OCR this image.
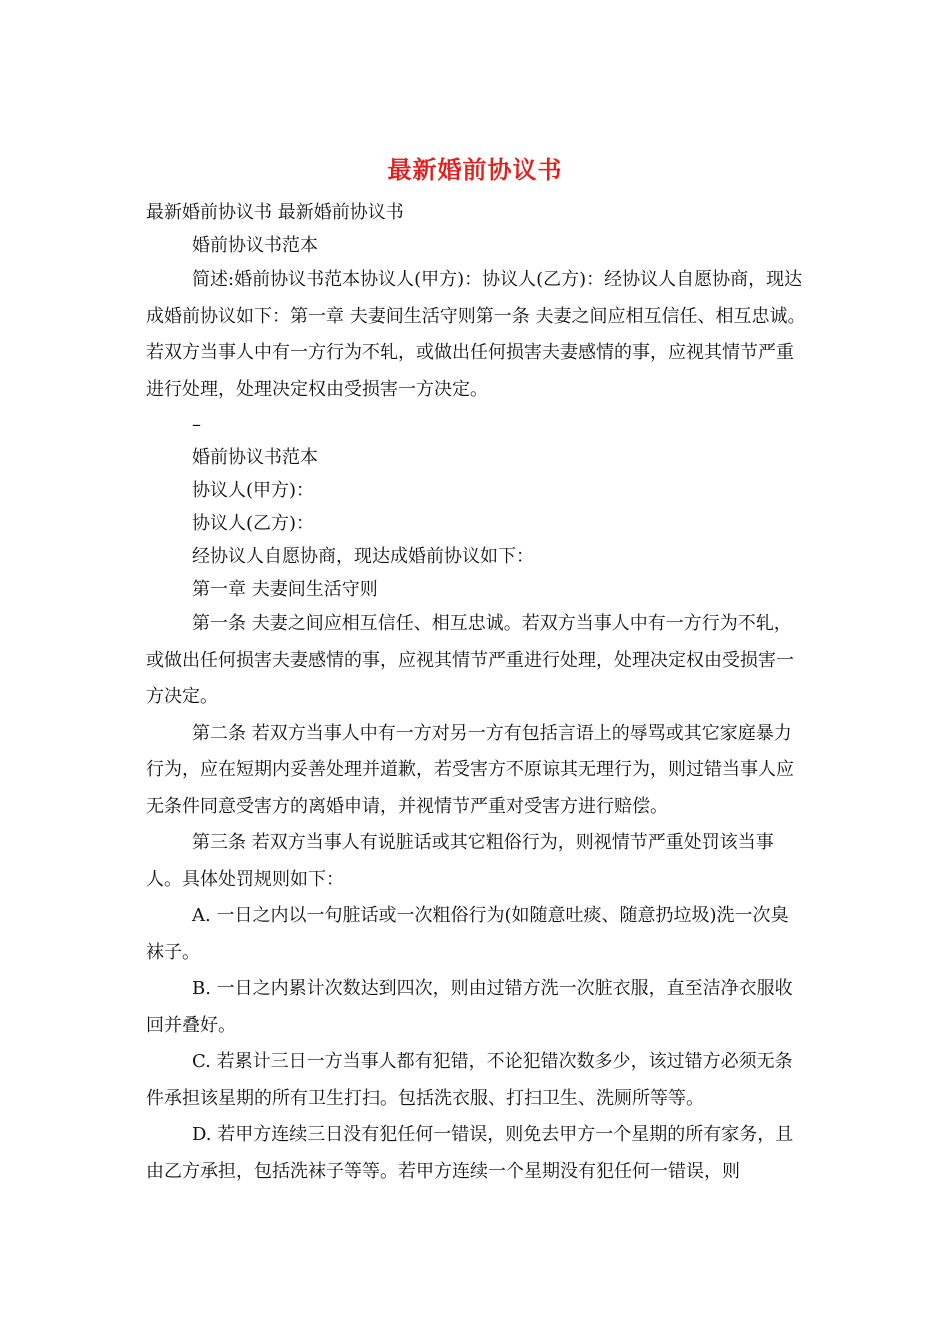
最新婚前协议书

最新婚前协议书 最新婚前协议书

婚前协议书范本

简述:婚前协议书范本协议人(甲方)：协议人(乙方)：经协议人自愿协商，现达成婚前协议如下：第一章 夫妻间生活守则第一条 夫妻之间应相互信任、相互忠诚。若双方当事人中有一方行为不轧，或做出任何损害夫妻感情的事，应视其情节严重进行处理，处理决定权由受损害一方决定。

–

婚前协议书范本

协议人(甲方)：

协议人(乙方)：

经协议人自愿协商，现达成婚前协议如下：

第一章 夫妻间生活守则

第一条 夫妻之间应相互信任、相互忠诚。若双方当事人中有一方行为不轧，或做出任何损害夫妻感情的事，应视其情节严重进行处理，处理决定权由受损害一方决定。

第二条 若双方当事人中有一方对另一方有包括言语上的辱骂或其它家庭暴力行为，应在短期内妥善处理并道歉，若受害方不原谅其无理行为，则过错当事人应无条件同意受害方的离婚申请，并视情节严重对受害方进行赔偿。

第三条 若双方当事人有说脏话或其它粗俗行为，则视情节严重处罚该当事人。具体处罚规则如下：

A. 一日之内以一句脏话或一次粗俗行为(如随意吐痰、随意扔垃圾)洗一次臭袜子。

B. 一日之内累计次数达到四次，则由过错方洗一次脏衣服，直至洁净衣服收回并叠好。

C. 若累计三日一方当事人都有犯错，不论犯错次数多少，该过错方必须无条件承担该星期的所有卫生打扫。包括洗衣服、打扫卫生、洗厕所等等。

D. 若甲方连续三日没有犯任何一错误，则免去甲方一个星期的所有家务，且由乙方承担，包括洗袜子等等。若甲方连续一个星期没有犯任何一错误，则
